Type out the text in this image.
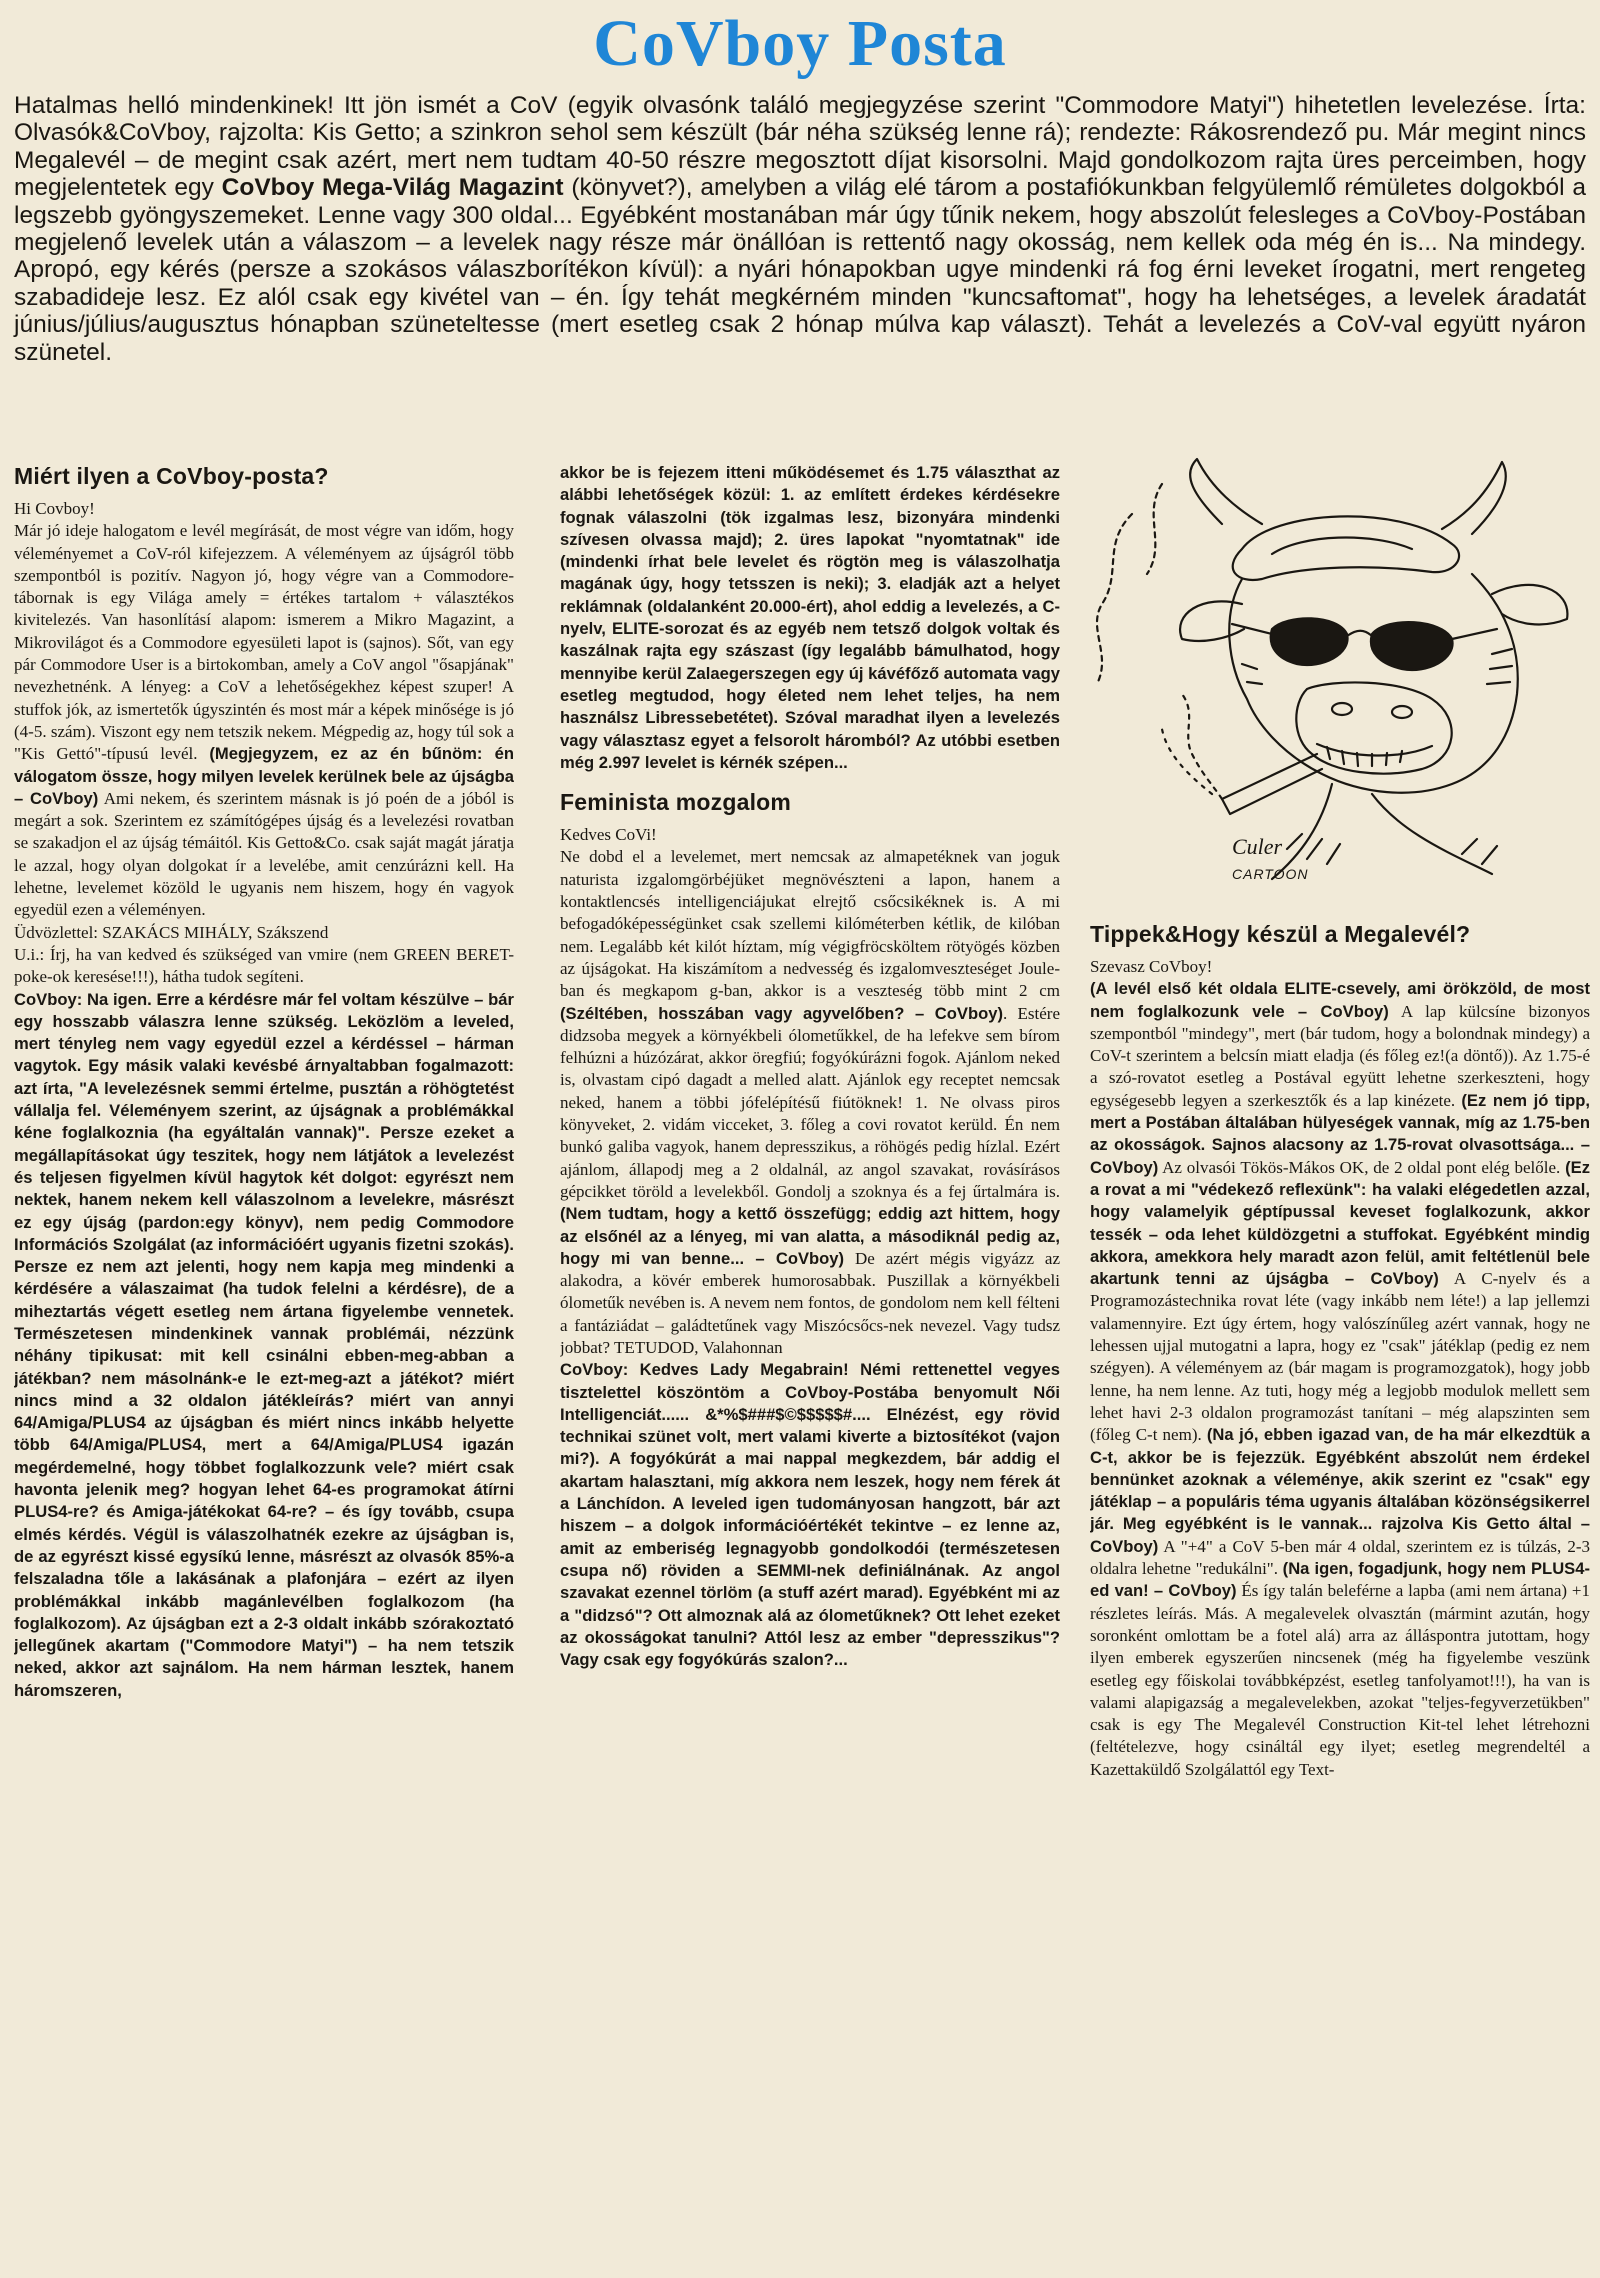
CoVboy Posta

Hatalmas helló mindenkinek! Itt jön ismét a CoV (egyik olvasónk találó megjegyzése szerint "Commodore Matyi") hihetetlen levelezése. Írta: Olvasók&CoVboy, rajzolta: Kis Getto; a szinkron sehol sem készült (bár néha szükség lenne rá); rendezte: Rákosrendező pu. Már megint nincs Megalevél – de megint csak azért, mert nem tudtam 40-50 részre megosztott díjat kisorsolni. Majd gondolkozom rajta üres perceimben, hogy megjelentetek egy CoVboy Mega-Világ Magazint (könyvet?), amelyben a világ elé tárom a postafiókunkban felgyülemlő rémületes dolgokból a legszebb gyöngyszemeket. Lenne vagy 300 oldal... Egyébként mostanában már úgy tűnik nekem, hogy abszolút felesleges a CoVboy-Postában megjelenő levelek után a válaszom – a levelek nagy része már önállóan is rettentő nagy okosság, nem kellek oda még én is... Na mindegy. Apropó, egy kérés (persze a szokásos válaszborítékon kívül): a nyári hónapokban ugye mindenki rá fog érni leveket írogatni, mert rengeteg szabadideje lesz. Ez alól csak egy kivétel van – én. Így tehát megkérném minden "kuncsaftomat", hogy ha lehetséges, a levelek áradatát június/július/augusztus hónapban szüneteltesse (mert esetleg csak 2 hónap múlva kap választ). Tehát a levelezés a CoV-val együtt nyáron szünetel.

Miért ilyen a CoVboy-posta?

Hi Covboy!

Már jó ideje halogatom e levél megírását, de most végre van időm, hogy véleményemet a CoV-ról kifejezzem. A véleményem az újságról több szempontból is pozitív. Nagyon jó, hogy végre van a Commodore-tábornak is egy Világa amely = értékes tartalom + választékos kivitelezés. Van hasonlításí alapom: ismerem a Mikro Magazint, a Mikrovilágot és a Commodore egyesületi lapot is (sajnos). Sőt, van egy pár Commodore User is a birtokomban, amely a CoV angol "ősapjának" nevezhetnénk. A lényeg: a CoV a lehetőségekhez képest szuper! A stuffok jók, az ismertetők úgyszintén és most már a képek minősége is jó (4-5. szám). Viszont egy nem tetszik nekem. Mégpedig az, hogy túl sok a "Kis Gettó"-típusú levél. (Megjegyzem, ez az én bűnöm: én válogatom össze, hogy milyen levelek kerülnek bele az újságba – CoVboy) Ami nekem, és szerintem másnak is jó poén de a jóból is megárt a sok. Szerintem ez számítógépes újság és a levelezési rovatban se szakadjon el az újság témáitól. Kis Getto&Co. csak saját magát járatja le azzal, hogy olyan dolgokat ír a levelébe, amit cenzúrázni kell. Ha lehetne, levelemet közöld le ugyanis nem hiszem, hogy én vagyok egyedül ezen a véleményen.

Üdvözlettel: SZAKÁCS MIHÁLY, Szákszend

U.i.: Írj, ha van kedved és szükséged van vmire (nem GREEN BERET-poke-ok keresése!!!), hátha tudok segíteni.

CoVboy: Na igen. Erre a kérdésre már fel voltam készülve – bár egy hosszabb válaszra lenne szükség. Leközlöm a leveled, mert tényleg nem vagy egyedül ezzel a kérdéssel – hárman vagytok. Egy másik valaki kevésbé árnyaltabban fogalmazott: azt írta, "A levelezésnek semmi értelme, pusztán a röhögtetést vállalja fel. Véleményem szerint, az újságnak a problémákkal kéne foglalkoznia (ha egyáltalán vannak)". Persze ezeket a megállapításokat úgy teszitek, hogy nem látjátok a levelezést és teljesen figyelmen kívül hagytok két dolgot: egyrészt nem nektek, hanem nekem kell válaszolnom a levelekre, másrészt ez egy újság (pardon:egy könyv), nem pedig Commodore Információs Szolgálat (az információért ugyanis fizetni szokás). Persze ez nem azt jelenti, hogy nem kapja meg mindenki a kérdésére a válaszaimat (ha tudok felelni a kérdésre), de a miheztartás végett esetleg nem ártana figyelembe vennetek. Természetesen mindenkinek vannak problémái, nézzünk néhány tipikusat: mit kell csinálni ebben-meg-abban a játékban? nem másolnánk-e le ezt-meg-azt a játékot? miért nincs mind a 32 oldalon játékleírás? miért van annyi 64/Amiga/PLUS4 az újságban és miért nincs inkább helyette több 64/Amiga/PLUS4, mert a 64/Amiga/PLUS4 igazán megérdemelné, hogy többet foglalkozzunk vele? miért csak havonta jelenik meg? hogyan lehet 64-es programokat átírni PLUS4-re? és Amiga-játékokat 64-re? – és így tovább, csupa elmés kérdés. Végül is válaszolhatnék ezekre az újságban is, de az egyrészt kissé egysíkú lenne, másrészt az olvasók 85%-a felszaladna tőle a lakásának a plafonjára – ezért az ilyen problémákkal inkább magánlevélben foglalkozom (ha foglalkozom). Az újságban ezt a 2-3 oldalt inkább szórakoztató jellegűnek akartam ("Commodore Matyi") – ha nem tetszik neked, akkor azt sajnálom. Ha nem hárman lesztek, hanem háromszeren,

akkor be is fejezem itteni működésemet és 1.75 választhat az alábbi lehetőségek közül: 1. az említett érdekes kérdésekre fognak válaszolni (tök izgalmas lesz, bizonyára mindenki szívesen olvassa majd); 2. üres lapokat "nyomtatnak" ide (mindenki írhat bele levelet és rögtön meg is válaszolhatja magának úgy, hogy tetsszen is neki); 3. eladják azt a helyet reklámnak (oldalanként 20.000-ért), ahol eddig a levelezés, a C-nyelv, ELITE-sorozat és az egyéb nem tetsző dolgok voltak és kaszálnak rajta egy szászast (így legalább bámulhatod, hogy mennyibe kerül Zalaegerszegen egy új kávéfőző automata vagy esetleg megtudod, hogy életed nem lehet teljes, ha nem használsz Libressebetétet). Szóval maradhat ilyen a levelezés vagy választasz egyet a felsorolt háromból? Az utóbbi esetben még 2.997 levelet is kérnék szépen...

Feminista mozgalom

Kedves CoVi!

Ne dobd el a levelemet, mert nemcsak az almapetéknek van joguk naturista izgalomgörbéjüket megnövészteni a lapon, hanem a kontaktlencsés intelligenciájukat elrejtő csőcsikéknek is. A mi befogadóképességünket csak szellemi kilóméterben kétlik, de kilóban nem. Legalább két kilót híztam, míg végigfröcsköltem rötyögés közben az újságokat. Ha kiszámítom a nedvesség és izgalomveszteséget Joule-ban és megkapom g-ban, akkor is a veszteség több mint 2 cm (Széltében, hosszában vagy agyvelőben? – CoVboy). Estére didzsoba megyek a környékbeli ólometűkkel, de ha lefekve sem bírom felhúzni a húzózárat, akkor öregfiú; fogyókúrázni fogok. Ajánlom neked is, olvastam cipó dagadt a melled alatt. Ajánlok egy receptet nemcsak neked, hanem a többi jófelépítésű fiútöknek! 1. Ne olvass piros könyveket, 2. vidám vicceket, 3. főleg a covi rovatot kerüld. Én nem bunkó galiba vagyok, hanem depresszikus, a röhögés pedig hízlal. Ezért ajánlom, állapodj meg a 2 oldalnál, az angol szavakat, rovásírásos gépcikket töröld a levelekből. Gondolj a szoknya és a fej űrtalmára is. (Nem tudtam, hogy a kettő összefügg; eddig azt hittem, hogy az elsőnél az a lényeg, mi van alatta, a másodiknál pedig az, hogy mi van benne... – CoVboy) De azért mégis vigyázz az alakodra, a kövér emberek humorosabbak. Puszillak a környékbeli ólometűk nevében is. A nevem nem fontos, de gondolom nem kell félteni a fantáziádat – galádtetűnek vagy Miszócsőcs-nek nevezel. Vagy tudsz jobbat? TETUDOD, Valahonnan

CoVboy: Kedves Lady Megabrain! Némi rettenettel vegyes tisztelettel köszöntöm a CoVboy-Postába benyomult Női Intelligenciát...... &*%$###$©$$$$$#.... Elnézést, egy rövid technikai szünet volt, mert valami kiverte a biztosítékot (vajon mi?). A fogyókúrát a mai nappal megkezdem, bár addig el akartam halasztani, míg akkora nem leszek, hogy nem férek át a Lánchídon. A leveled igen tudományosan hangzott, bár azt hiszem – a dolgok információértékét tekintve – ez lenne az, amit az emberiség legnagyobb gondolkodói (természetesen csupa nő) röviden a SEMMI-nek definiálnának. Az angol szavakat ezennel törlöm (a stuff azért marad). Egyébként mi az a "didzsó"? Ott almoznak alá az ólometűknek? Ott lehet ezeket az okosságokat tanulni? Attól lesz az ember "depresszikus"? Vagy csak egy fogyókúrás szalon?...

Culer
CARTOON
Tippek&Hogy készül a Megalevél?

Szevasz CoVboy!

(A levél első két oldala ELITE-csevely, ami örökzöld, de most nem foglalkozunk vele – CoVboy) A lap külcsíne bizonyos szempontból "mindegy", mert (bár tudom, hogy a bolondnak mindegy) a CoV-t szerintem a belcsín miatt eladja (és főleg ez!(a döntő)). Az 1.75-é a szó-rovatot esetleg a Postával együtt lehetne szerkeszteni, hogy egységesebb legyen a szerkesztők és a lap kinézete. (Ez nem jó tipp, mert a Postában általában hülyeségek vannak, míg az 1.75-ben az okosságok. Sajnos alacsony az 1.75-rovat olvasottsága... – CoVboy) Az olvasói Tökös-Mákos OK, de 2 oldal pont elég belőle. (Ez a rovat a mi "védekező reflexünk": ha valaki elégedetlen azzal, hogy valamelyik géptípussal keveset foglalkozunk, akkor tessék – oda lehet küldözgetni a stuffokat. Egyébként mindig akkora, amekkora hely maradt azon felül, amit feltétlenül bele akartunk tenni az újságba – CoVboy) A C-nyelv és a Programozástechnika rovat léte (vagy inkább nem léte!) a lap jellemzi valamennyire. Ezt úgy értem, hogy valószínűleg azért vannak, hogy ne lehessen ujjal mutogatni a lapra, hogy ez "csak" játéklap (pedig ez nem szégyen). A véleményem az (bár magam is programozgatok), hogy jobb lenne, ha nem lenne. Az tuti, hogy még a legjobb modulok mellett sem lehet havi 2-3 oldalon programozást tanítani – még alapszinten sem (főleg C-t nem). (Na jó, ebben igazad van, de ha már elkezdtük a C-t, akkor be is fejezzük. Egyébként abszolút nem érdekel bennünket azoknak a véleménye, akik szerint ez "csak" egy játéklap – a populáris téma ugyanis általában közönségsikerrel jár. Meg egyébként is le vannak... rajzolva Kis Getto által – CoVboy) A "+4" a CoV 5-ben már 4 oldal, szerintem ez is túlzás, 2-3 oldalra lehetne "redukálni". (Na igen, fogadjunk, hogy nem PLUS4-ed van! – CoVboy) És így talán beleférne a lapba (ami nem ártana) +1 részletes leírás. Más. A megalevelek olvasztán (mármint azután, hogy soronként omlottam be a fotel alá) arra az álláspontra jutottam, hogy ilyen emberek egyszerűen nincsenek (még ha figyelembe veszünk esetleg egy főiskolai továbbképzést, esetleg tanfolyamot!!!), ha van is valami alapigazság a megalevelekben, azokat "teljes-fegyverzetükben" csak is egy The Megalevél Construction Kit-tel lehet létrehozni (feltételezve, hogy csináltál egy ilyet; esetleg megrendeltél a Kazettaküldő Szolgálattól egy Text-
